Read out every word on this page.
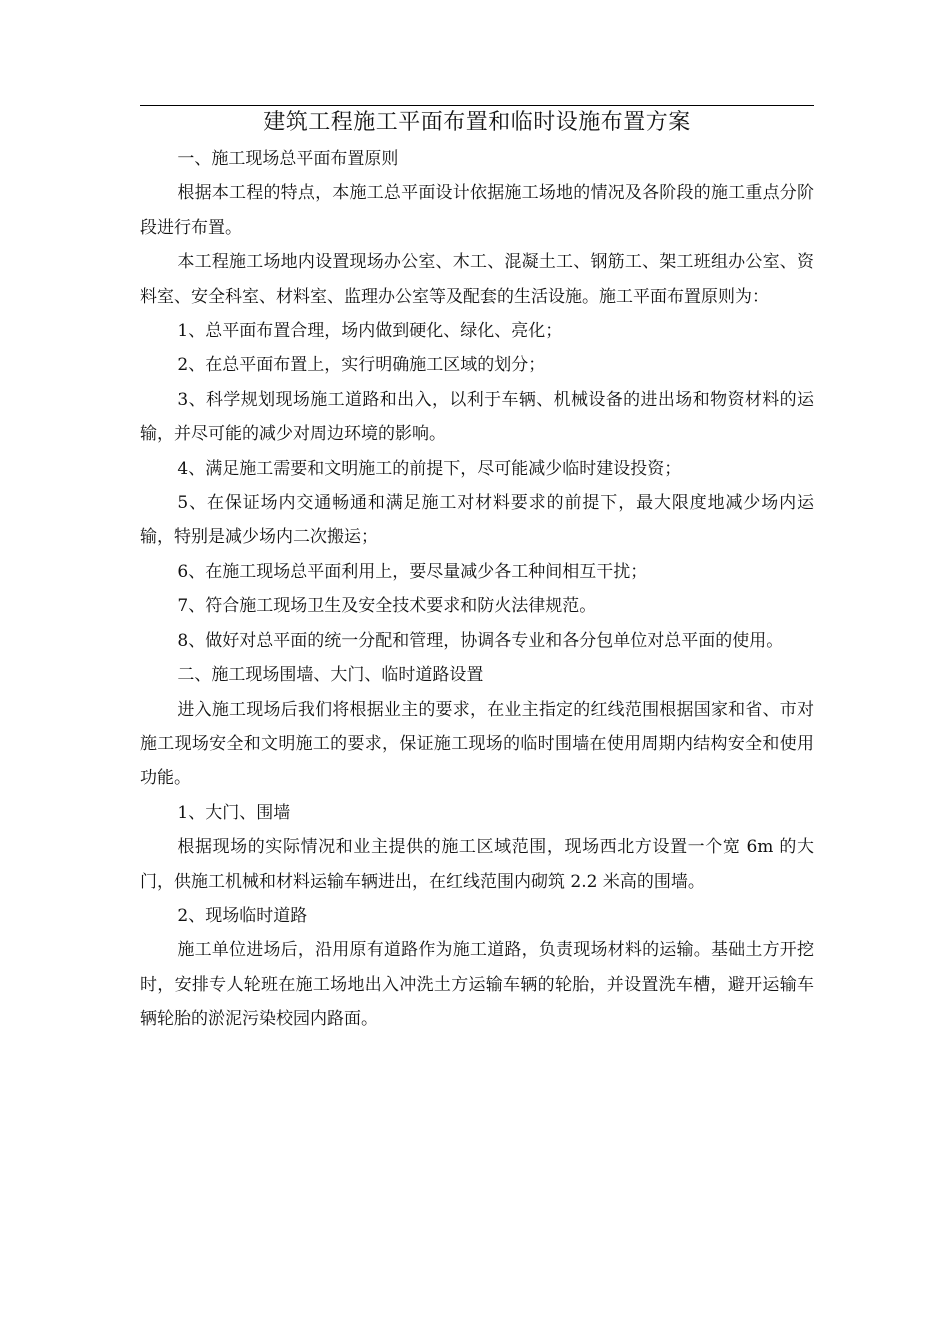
建筑工程施工平面布置和临时设施布置方案

一、施工现场总平面布置原则

根据本工程的特点，本施工总平面设计依据施工场地的情况及各阶段的施工重点分阶段进行布置。

本工程施工场地内设置现场办公室、木工、混凝土工、钢筋工、架工班组办公室、资料室、安全科室、材料室、监理办公室等及配套的生活设施。施工平面布置原则为：

1、总平面布置合理，场内做到硬化、绿化、亮化；

2、在总平面布置上，实行明确施工区域的划分；

3、科学规划现场施工道路和出入，以利于车辆、机械设备的进出场和物资材料的运输，并尽可能的减少对周边环境的影响。

4、满足施工需要和文明施工的前提下，尽可能减少临时建设投资；

5、在保证场内交通畅通和满足施工对材料要求的前提下，最大限度地减少场内运输，特别是减少场内二次搬运；

6、在施工现场总平面利用上，要尽量减少各工种间相互干扰；

7、符合施工现场卫生及安全技术要求和防火法律规范。

8、做好对总平面的统一分配和管理，协调各专业和各分包单位对总平面的使用。

二、施工现场围墙、大门、临时道路设置

进入施工现场后我们将根据业主的要求，在业主指定的红线范围根据国家和省、市对施工现场安全和文明施工的要求，保证施工现场的临时围墙在使用周期内结构安全和使用功能。

1、大门、围墙

根据现场的实际情况和业主提供的施工区域范围，现场西北方设置一个宽 6m 的大门，供施工机械和材料运输车辆进出，在红线范围内砌筑 2.2 米高的围墙。

2、现场临时道路

施工单位进场后，沿用原有道路作为施工道路，负责现场材料的运输。基础土方开挖时，安排专人轮班在施工场地出入冲洗土方运输车辆的轮胎，并设置洗车槽，避开运输车辆轮胎的淤泥污染校园内路面。
